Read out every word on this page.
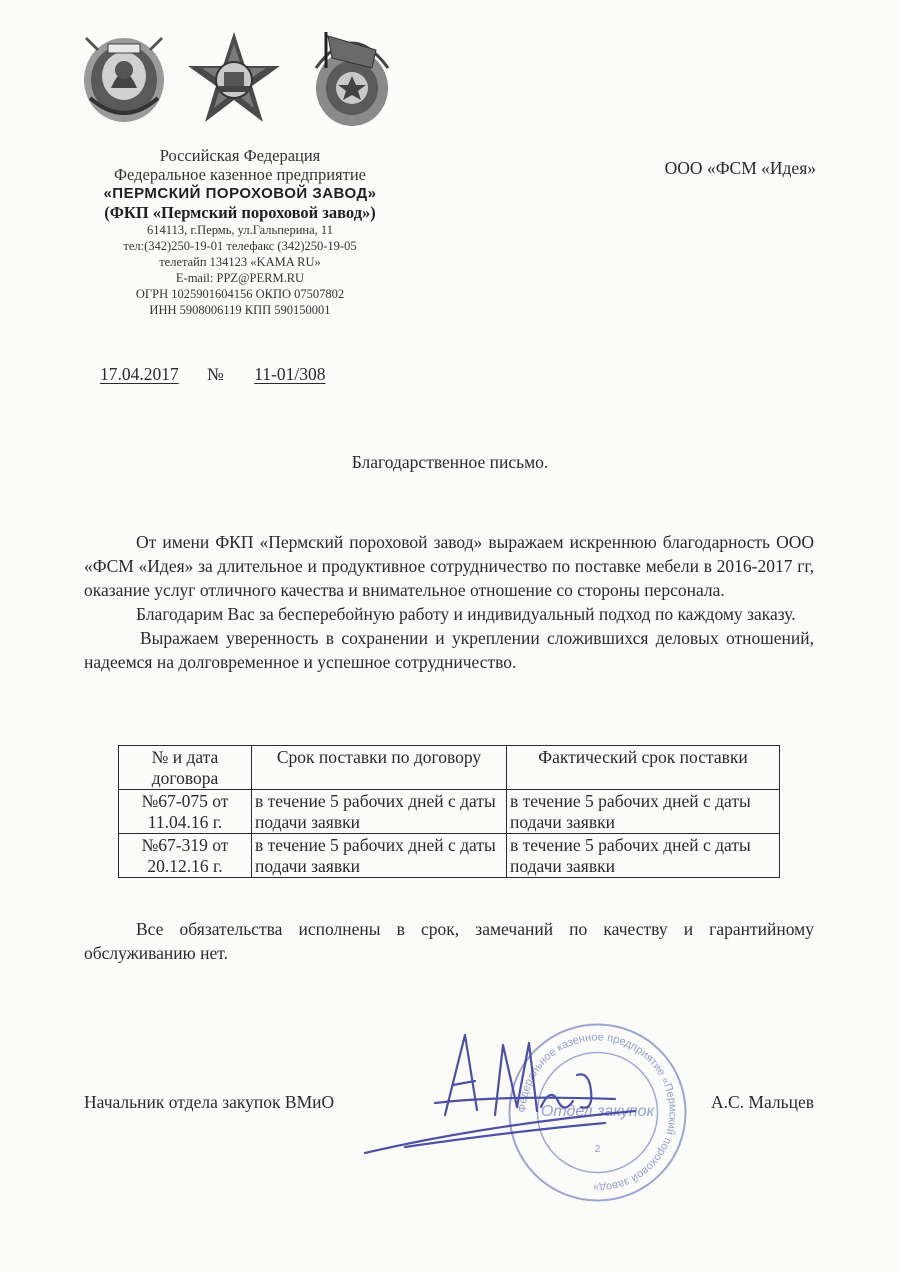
Российская Федерация
Федеральное казенное предприятие
«ПЕРМСКИЙ ПОРОХОВОЙ ЗАВОД»
(ФКП «Пермский пороховой завод»)
614113, г.Пермь, ул.Гальперина, 11
тел:(342)250-19-01 телефакс (342)250-19-05
телетайп 134123 «KAMA RU»
E-mail: PPZ@PERM.RU
ОГРН 1025901604156 ОКПО 07507802
ИНН 5908006119 КПП 590150001
ООО «ФСМ «Идея»
17.04.2017 № 11-01/308
Благодарственное письмо.

От имени ФКП «Пермский пороховой завод» выражаем искреннюю благодарность ООО «ФСМ «Идея» за длительное и продуктивное сотрудничество по поставке мебели в 2016-2017 гг, оказание услуг отличного качества и внимательное отношение со стороны персонала.

Благодарим Вас за бесперебойную работу и индивидуальный подход по каждому заказу.

Выражаем уверенность в сохранении и укреплении сложившихся деловых отношений, надеемся на долговременное и успешное сотрудничество.

№ и дата договора	Срок поставки по договору	Фактический срок поставки
№67-075 от 11.04.16 г.	в течение 5 рабочих дней с даты подачи заявки	в течение 5 рабочих дней с даты подачи заявки
№67-319 от 20.12.16 г.	в течение 5 рабочих дней с даты подачи заявки	в течение 5 рабочих дней с даты подачи заявки

Все обязательства исполнены в срок, замечаний по качеству и гарантийному обслуживанию нет.

Федеральное казенное предприятие «Пермский пороховой завод»
Отдел закупок
2
Начальник отдела закупок ВМиО	А.С. Мальцев
